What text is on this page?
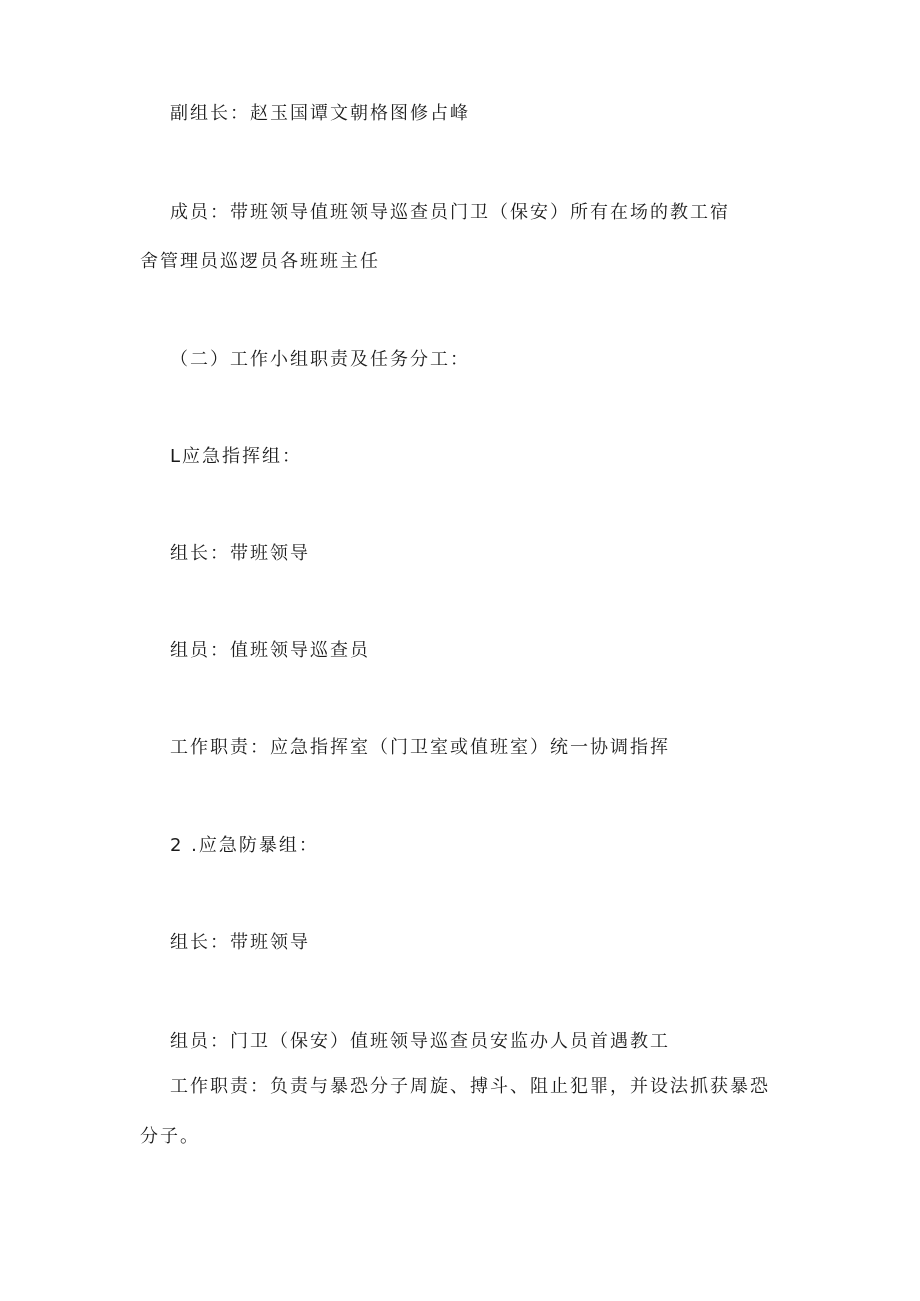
副组长：赵玉国谭文朝格图修占峰
成员：带班领导值班领导巡查员门卫（保安）所有在场的教工宿
舍管理员巡逻员各班班主任
（二）工作小组职责及任务分工：
L应急指挥组：
组长：带班领导
组员：值班领导巡查员
工作职责：应急指挥室（门卫室或值班室）统一协调指挥
2 .应急防暴组：
组长：带班领导
组员：门卫（保安）值班领导巡查员安监办人员首遇教工
工作职责：负责与暴恐分子周旋、搏斗、阻止犯罪，并设法抓获暴恐
分子。
